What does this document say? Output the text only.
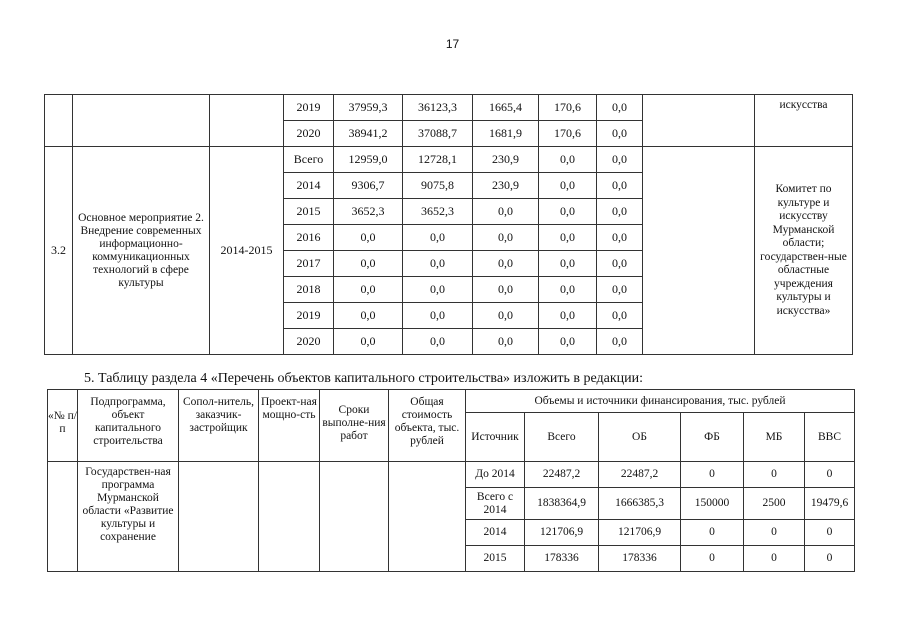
17
			2019	37959,3	36123,3	1665,4	170,6	0,0		искусства
			2020	38941,2	37088,7	1681,9	170,6	0,0		
3.2	Основное мероприятие 2. Внедрение современных информационно-коммуникационных технологий в сфере культуры	2014-2015	Всего	12959,0	12728,1	230,9	0,0	0,0		Комитет по культуре и искусству Мурманской области; государствен-ные областные учреждения культуры и искусства»
			2014	9306,7	9075,8	230,9	0,0	0,0		
			2015	3652,3	3652,3	0,0	0,0	0,0		
			2016	0,0	0,0	0,0	0,0	0,0		
			2017	0,0	0,0	0,0	0,0	0,0		
			2018	0,0	0,0	0,0	0,0	0,0		
			2019	0,0	0,0	0,0	0,0	0,0		
			2020	0,0	0,0	0,0	0,0	0,0		
5. Таблицу раздела 4 «Перечень объектов капитального строительства» изложить в редакции:
«№ п/п	Подпрограмма, объект капитального строительства	Сопол-нитель, заказчик-застройщик	Проект-ная мощно-сть	Сроки выполне-ния работ	Общая стоимость объекта, тыс. рублей	Объемы и источники финансирования, тыс. рублей					
						Источник	Всего	ОБ	ФБ	МБ	ВВС
	Государствен-ная программа Мурманской области «Развитие культуры и сохранение					До 2014	22487,2	22487,2	0	0	0
						Всего с 2014	1838364,9	1666385,3	150000	2500	19479,6
						2014	121706,9	121706,9	0	0	0
						2015	178336	178336	0	0	0
